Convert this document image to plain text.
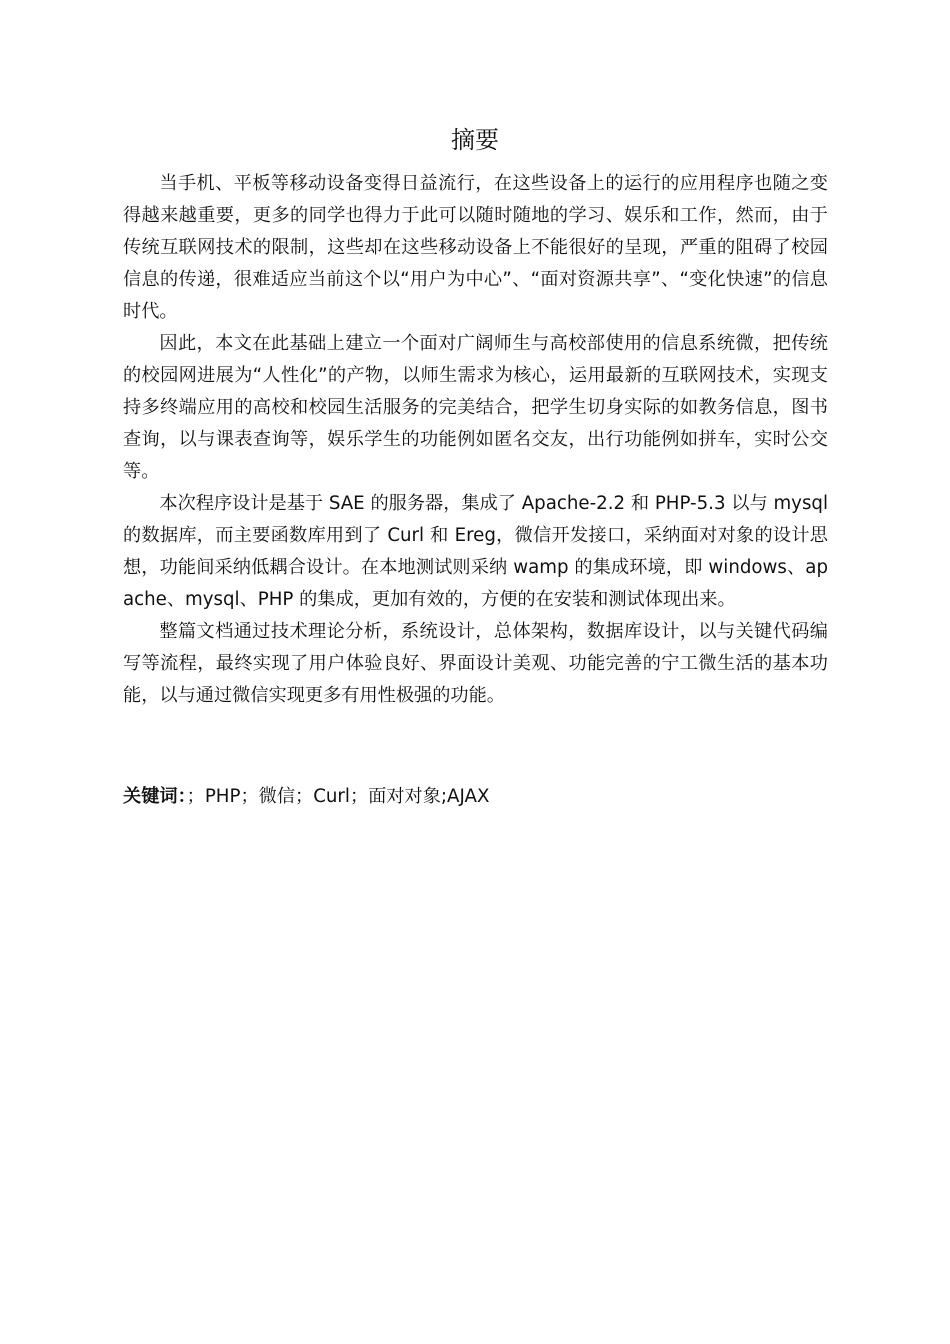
摘要

当手机、平板等移动设备变得日益流行，在这些设备上的运行的应用程序也随之变得越来越重要，更多的同学也得力于此可以随时随地的学习、娱乐和工作，然而，由于传统互联网技术的限制，这些却在这些移动设备上不能很好的呈现，严重的阻碍了校园信息的传递，很难适应当前这个以“用户为中心”、“面对资源共享”、“变化快速”的信息时代。

因此，本文在此基础上建立一个面对广阔师生与高校部使用的信息系统微，把传统的校园网进展为“人性化”的产物，以师生需求为核心，运用最新的互联网技术，实现支持多终端应用的高校和校园生活服务的完美结合，把学生切身实际的如教务信息，图书查询，以与课表查询等，娱乐学生的功能例如匿名交友，出行功能例如拼车，实时公交等。

本次程序设计是基于 SAE 的服务器，集成了 Apache-2.2 和 PHP-5.3 以与 mysql 的数据库，而主要函数库用到了 Curl 和 Ereg，微信开发接口，采纳面对对象的设计思想，功能间采纳低耦合设计。在本地测试则采纳 wamp 的集成环境，即 windows、apache、mysql、PHP 的集成，更加有效的，方便的在安装和测试体现出来。

整篇文档通过技术理论分析，系统设计，总体架构，数据库设计，以与关键代码编写等流程，最终实现了用户体验良好、界面设计美观、功能完善的宁工微生活的基本功能，以与通过微信实现更多有用性极强的功能。

关键词：；PHP；微信；Curl；面对对象;AJAX
